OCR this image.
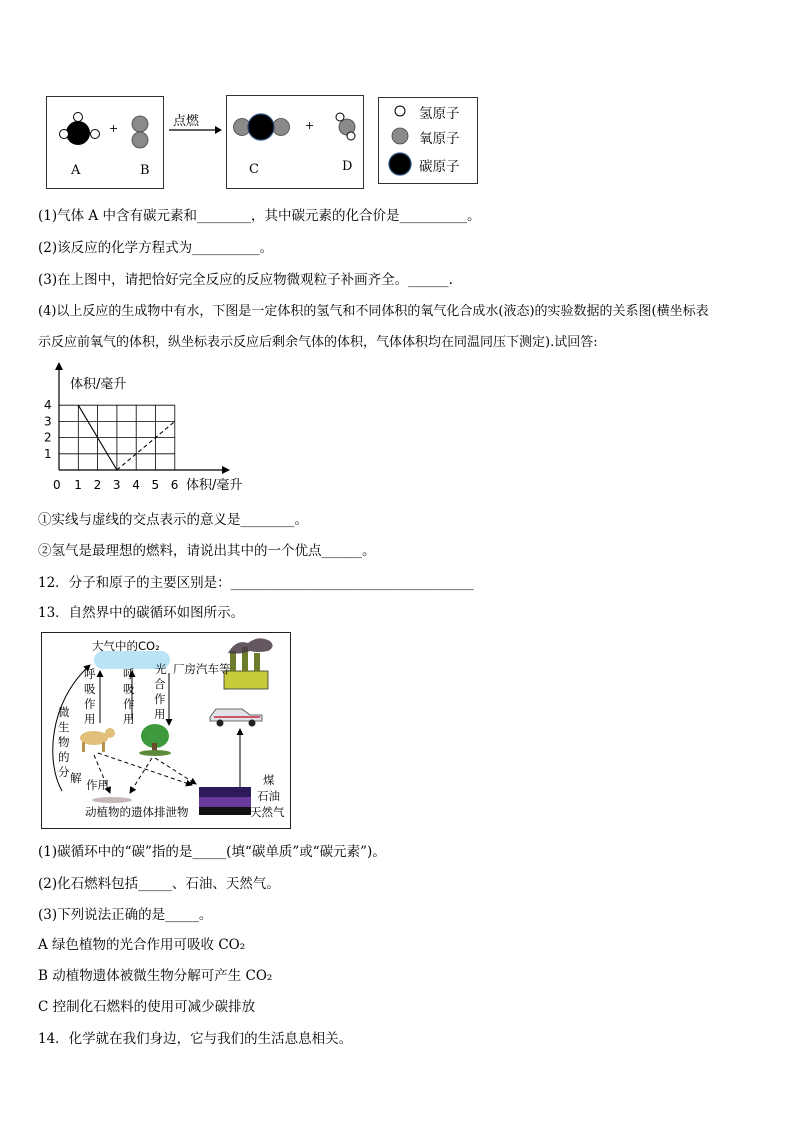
A	B
+	点燃
C	D
+
氢原子
氧原子
碳原子
(1)气体 A 中含有碳元素和________，其中碳元素的化合价是__________。
(2)该反应的化学方程式为__________。
(3)在上图中，请把恰好完全反应的反应物微观粒子补画齐全。______.
(4)以上反应的生成物中有水，下图是一定体积的氢气和不同体积的氧气化合成水(液态)的实验数据的关系图(横坐标表
示反应前氧气的体积，纵坐标表示反应后剩余气体的体积，气体体积均在同温同压下测定).试回答:
体积/毫升
体积/毫升
4
3
2
1
0 1 2 3 4 5 6
①实线与虚线的交点表示的意义是________。
②氢气是最理想的燃料，请说出其中的一个优点______。
12．分子和原子的主要区别是：____________________________________
13．自然界中的碳循环如图所示。
大气中的CO₂
光 厂房汽车等
呼
吸
作
用
呼
吸
作
用
合
作
用
微
生
物
的
分 解 作用
动植物的遗体排泄物
煤
石油
天然气
(1)碳循环中的“碳”指的是_____(填“碳单质”或“碳元素”)。
(2)化石燃料包括_____、石油、天然气。
(3)下列说法正确的是_____。
A 绿色植物的光合作用可吸收 CO₂
B 动植物遗体被微生物分解可产生 CO₂
C 控制化石燃料的使用可减少碳排放
14．化学就在我们身边，它与我们的生活息息相关。
